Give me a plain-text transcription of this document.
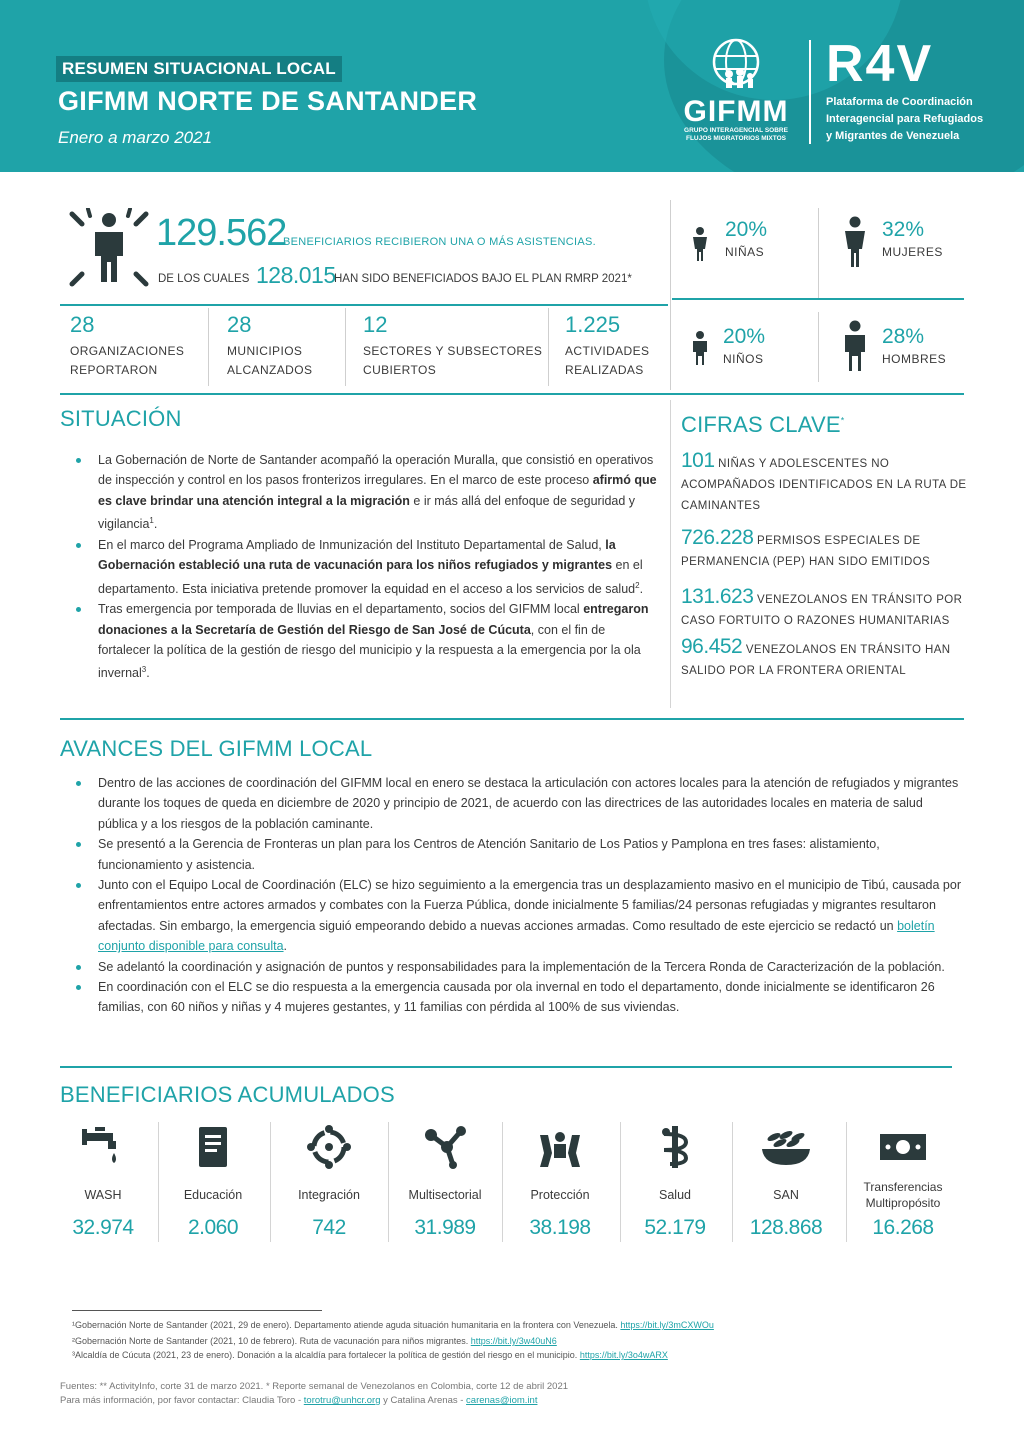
RESUMEN SITUACIONAL LOCAL
GIFMM NORTE DE SANTANDER
Enero a marzo 2021
GIFMM
GRUPO INTERAGENCIAL SOBRE
FLUJOS MIGRATORIOS MIXTOS
R4V
Plataforma de Coordinación
Interagencial para Refugiados
y Migrantes de Venezuela
129.562
BENEFICIARIOS RECIBIERON UNA O MÁS ASISTENCIAS.
DE LOS CUALES 128.015
HAN SIDO BENEFICIADOS BAJO EL PLAN RMRP 2021*
28
ORGANIZACIONES
REPORTARON
28
MUNICIPIOS
ALCANZADOS
12
SECTORES Y SUBSECTORES
CUBIERTOS
1.225
ACTIVIDADES
REALIZADAS
20%
NIÑAS
32%
MUJERES
20%
NIÑOS
28%
HOMBRES
SITUACIÓN
La Gobernación de Norte de Santander acompañó la operación Muralla, que consistió en operativos de inspección y control en los pasos fronterizos irregulares. En el marco de este proceso afirmó que es clave brindar una atención integral a la migración e ir más allá del enfoque de seguridad y vigilancia$^1$.
En el marco del Programa Ampliado de Inmunización del Instituto Departamental de Salud, la Gobernación estableció una ruta de vacunación para los niños refugiados y migrantes en el departamento. Esta iniciativa pretende promover la equidad en el acceso a los servicios de salud$^2$.
Tras emergencia por temporada de lluvias en el departamento, socios del GIFMM local entregaron donaciones a la Secretaría de Gestión del Riesgo de San José de Cúcuta, con el fin de fortalecer la política de la gestión de riesgo del municipio y la respuesta a la emergencia por la ola invernal$^3$.
CIFRAS CLAVE*
101 NIÑAS Y ADOLESCENTES NO ACOMPAÑADOS IDENTIFICADOS EN LA RUTA DE CAMINANTES
726.228 PERMISOS ESPECIALES DE PERMANENCIA (PEP) HAN SIDO EMITIDOS
131.623 VENEZOLANOS EN TRÁNSITO POR CASO FORTUITO O RAZONES HUMANITARIAS
96.452 VENEZOLANOS EN TRÁNSITO HAN SALIDO POR LA FRONTERA ORIENTAL
AVANCES DEL GIFMM LOCAL
Dentro de las acciones de coordinación del GIFMM local en enero se destaca la articulación con actores locales para la atención de refugiados y migrantes durante los toques de queda en diciembre de 2020 y principio de 2021, de acuerdo con las directrices de las autoridades locales en materia de salud pública y a los riesgos de la población caminante.
Se presentó a la Gerencia de Fronteras un plan para los Centros de Atención Sanitario de Los Patios y Pamplona en tres fases: alistamiento, funcionamiento y asistencia.
Junto con el Equipo Local de Coordinación (ELC) se hizo seguimiento a la emergencia tras un desplazamiento masivo en el municipio de Tibú, causada por enfrentamientos entre actores armados y combates con la Fuerza Pública, donde inicialmente 5 familias/24 personas refugiadas y migrantes resultaron afectadas. Sin embargo, la emergencia siguió empeorando debido a nuevas acciones armadas. Como resultado de este ejercicio se redactó un boletín conjunto disponible para consulta.
Se adelantó la coordinación y asignación de puntos y responsabilidades para la implementación de la Tercera Ronda de Caracterización de la población.
En coordinación con el ELC se dio respuesta a la emergencia causada por ola invernal en todo el departamento, donde inicialmente se identificaron 26 familias, con 60 niños y niñas y 4 mujeres gestantes, y 11 familias con pérdida al 100% de sus viviendas.
BENEFICIARIOS ACUMULADOS
WASH
32.974
Educación
2.060
Integración
742
Multisectorial
31.989
Protección
38.198
Salud
52.179
SAN
128.868
Transferencias Multipropósito
16.268
¹Gobernación Norte de Santander (2021, 29 de enero). Departamento atiende aguda situación humanitaria en la frontera con Venezuela. https://bit.ly/3mCXWOu
²Gobernación Norte de Santander (2021, 10 de febrero). Ruta de vacunación para niños migrantes. https://bit.ly/3w40uN6
³Alcaldía de Cúcuta (2021, 23 de enero). Donación a la alcaldía para fortalecer la política de gestión del riesgo en el municipio. https://bit.ly/3o4wARX
Fuentes: ** ActivityInfo, corte 31 de marzo 2021. * Reporte semanal de Venezolanos en Colombia, corte 12 de abril 2021
Para más información, por favor contactar: Claudia Toro - torotru@unhcr.org y Catalina Arenas - carenas@iom.int
